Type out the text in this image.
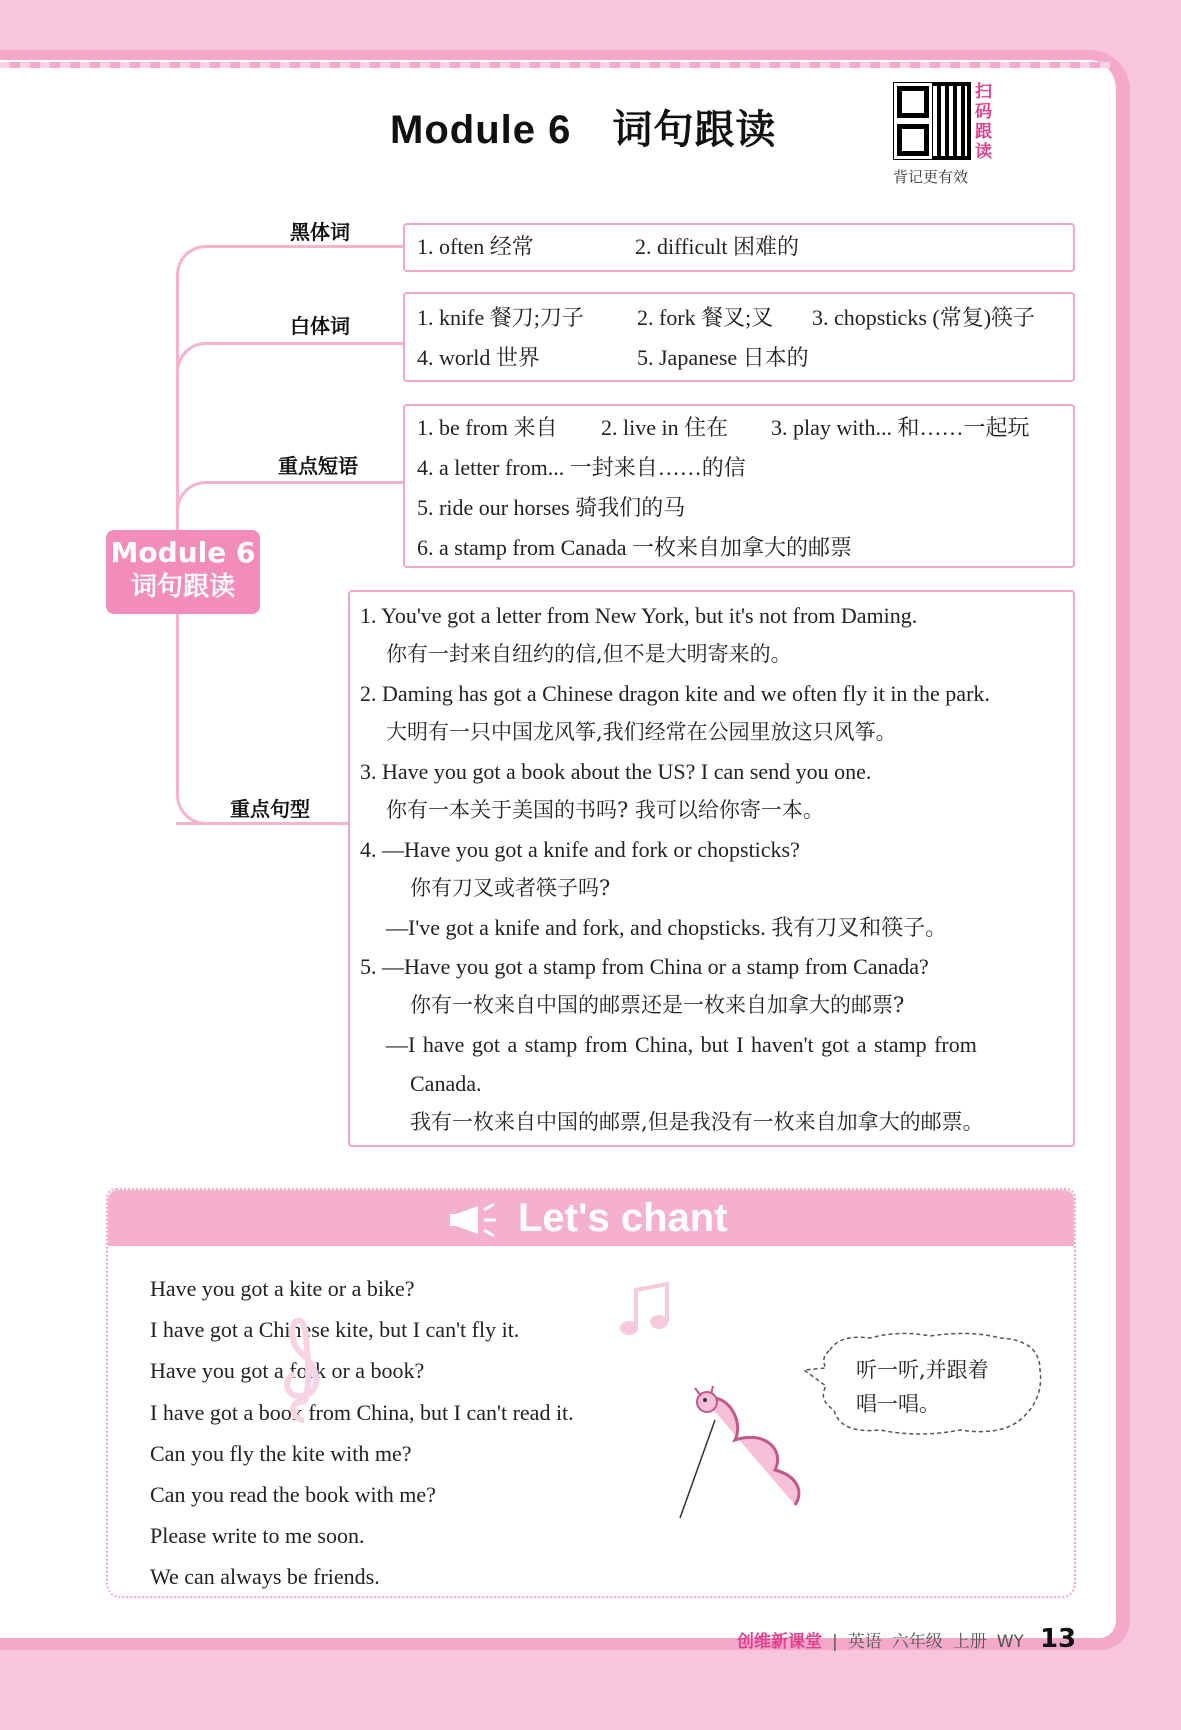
Module 6　词句跟读
扫码跟读
背记更有效
Module 6
词句跟读
黑体词
1. often 经常	2. difficult 困难的
白体词	1. knife 餐刀;刀子	2. fork 餐叉;叉	3. chopsticks (常复)筷子
4. world 世界	5. Japanese 日本的
重点短语
1. be from 来自	2. live in 住在	3. play with... 和……一起玩
4. a letter from... 一封来自……的信
5. ride our horses 骑我们的马
6. a stamp from Canada 一枚来自加拿大的邮票
重点句型
1. You've got a letter from New York, but it's not from Daming.
你有一封来自纽约的信,但不是大明寄来的。
2. Daming has got a Chinese dragon kite and we often fly it in the park.
大明有一只中国龙风筝,我们经常在公园里放这只风筝。
3. Have you got a book about the US? I can send you one.
你有一本关于美国的书吗? 我可以给你寄一本。
4. —Have you got a knife and fork or chopsticks?
你有刀叉或者筷子吗?
—I've got a knife and fork, and chopsticks. 我有刀叉和筷子。
5. —Have you got a stamp from China or a stamp from Canada?
你有一枚来自中国的邮票还是一枚来自加拿大的邮票?
—I have got a stamp from China, but I haven't got a stamp from
Canada.
我有一枚来自中国的邮票,但是我没有一枚来自加拿大的邮票。
Let's chant
Have you got a kite or a bike?
I have got a Chinese kite, but I can't fly it.
Have you got a fork or a book?
I have got a book from China, but I can't read it.
Can you fly the kite with me?
Can you read the book with me?
Please write to me soon.
We can always be friends.
听一听,并跟着
唱一唱。
创维新课堂 | 英语 六年级 上册 WY 13
